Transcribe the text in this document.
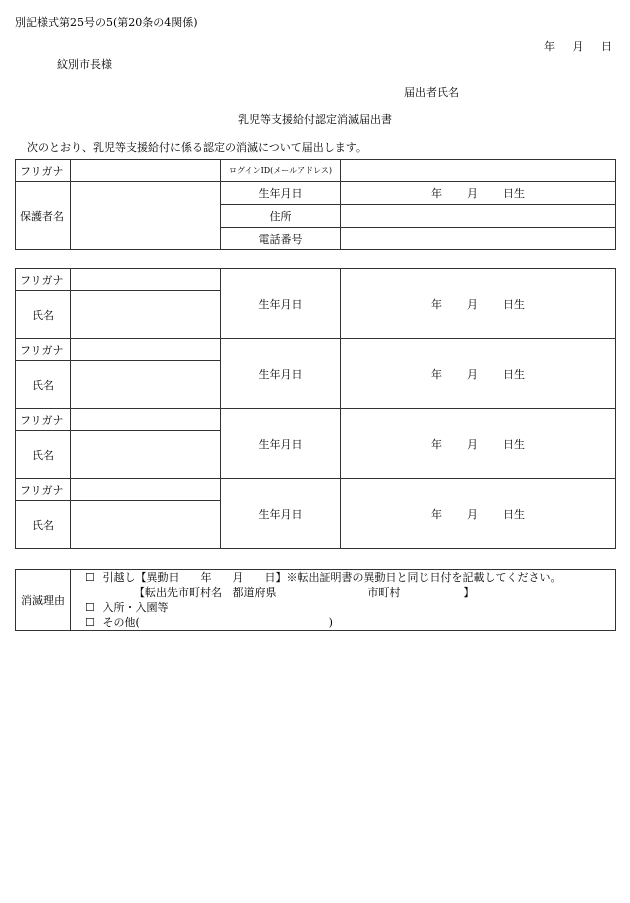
別記様式第25号の5(第20条の4関係)
年 月 日
紋別市長様
届出者氏名
乳児等支援給付認定消滅届出書
次のとおり、乳児等支援給付に係る認定の消滅について届出します。
フリガナ		ログインID(メールアドレス)	
保護者名		生年月日	年 月 日生
		住所	
		電話番号	
フリガナ		生年月日	年 月 日生
氏名			
フリガナ		生年月日	年 月 日生
氏名			
フリガナ		生年月日	年 月 日生
氏名			
フリガナ		生年月日	年 月 日生
氏名			
消滅理由	
☐ 引越し【異動日 年 月 日】※転出証明書の異動日と同じ日付を記載してください。
【転出先市町村名 都道府県	市町村	】
☐ 入所・入園等
☐ その他(	)
